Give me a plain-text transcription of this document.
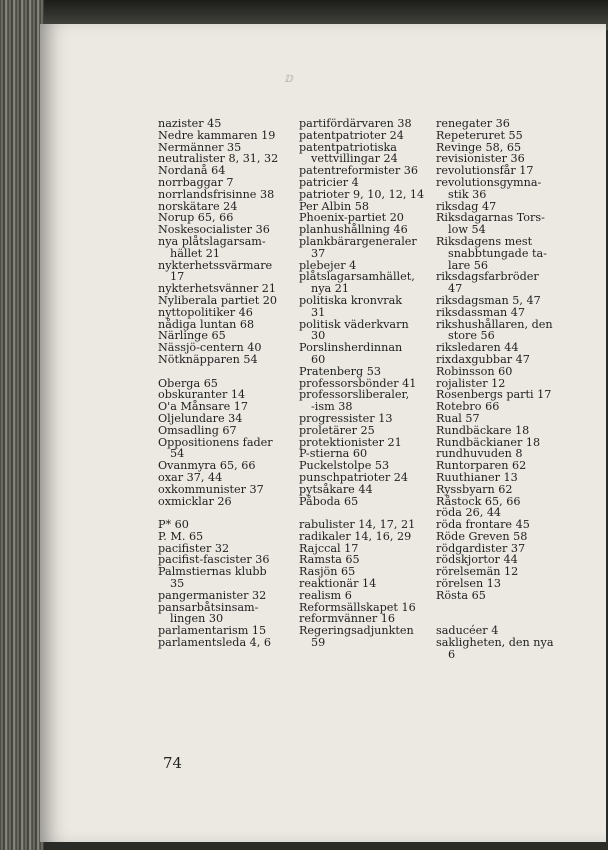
ⅅ
nazister 45
Nedre kammaren 19
Nermänner 35
neutralister 8, 31, 32
Nordanå 64
norrbaggar 7
norrlandsfrisinne 38
norskätare 24
Norup 65, 66
Noskesocialister 36
nya plåtslagarsam-
hället 21
nykterhetssvärmare
17
nykterhetsvänner 21
Nyliberala partiet 20
nyttopolitiker 46
nådiga luntan 68
Närlinge 65
Nässjö-centern 40
Nötknäpparen 54
Oberga 65
obskuranter 14
O'a Månsare 17
Oljelundare 34
Omsadling 67
Oppositionens fader
54
Ovanmyra 65, 66
oxar 37, 44
oxkommunister 37
oxmicklar 26
P* 60
P. M. 65
pacifister 32
pacifist-fascister 36
Palmstiernas klubb
35
pangermanister 32
pansarbåtsinsam-
lingen 30
parlamentarism 15
parlamentsleda 4, 6
partifördärvaren 38
patentpatrioter 24
patentpatriotiska
vettvillingar 24
patentreformister 36
patricier 4
patrioter 9, 10, 12, 14
Per Albin 58
Phoenix-partiet 20
planhushållning 46
plankbärargeneraler
37
plebejer 4
plåtslagarsamhället,
nya 21
politiska kronvrak
31
politisk väderkvarn
30
Porslinsherdinnan
60
Pratenberg 53
professorsbönder 41
professorsliberaler,
-ism 38
progressister 13
proletärer 25
protektionister 21
P-stierna 60
Puckelstolpe 53
punschpatrioter 24
pytsåkare 44
Påboda 65
rabulister 14, 17, 21
radikaler 14, 16, 29
Rajccal 17
Ramsta 65
Rasjön 65
reaktionär 14
realism 6
Reformsällskapet 16
reformvänner 16
Regeringsadjunkten
59
renegater 36
Repeteruret 55
Revinge 58, 65
revisionister 36
revolutionsfår 17
revolutionsgymna-
stik 36
riksdag 47
Riksdagarnas Tors-
low 54
Riksdagens mest
snabbtungade ta-
lare 56
riksdagsfarbröder
47
riksdagsman 5, 47
riksdassman 47
rikshushållaren, den
store 56
riksledaren 44
rixdaxgubbar 47
Robinsson 60
rojalister 12
Rosenbergs parti 17
Rotebro 66
Rual 57
Rundbäckare 18
Rundbäckianer 18
rundhuvuden 8
Runtorparen 62
Ruuthianer 13
Ryssbyarn 62
Råstock 65, 66
röda 26, 44
röda frontare 45
Röde Greven 58
rödgardister 37
rödskjortor 44
rörelsemän 12
rörelsen 13
Rösta 65
saducéer 4
sakligheten, den nya
6
74
